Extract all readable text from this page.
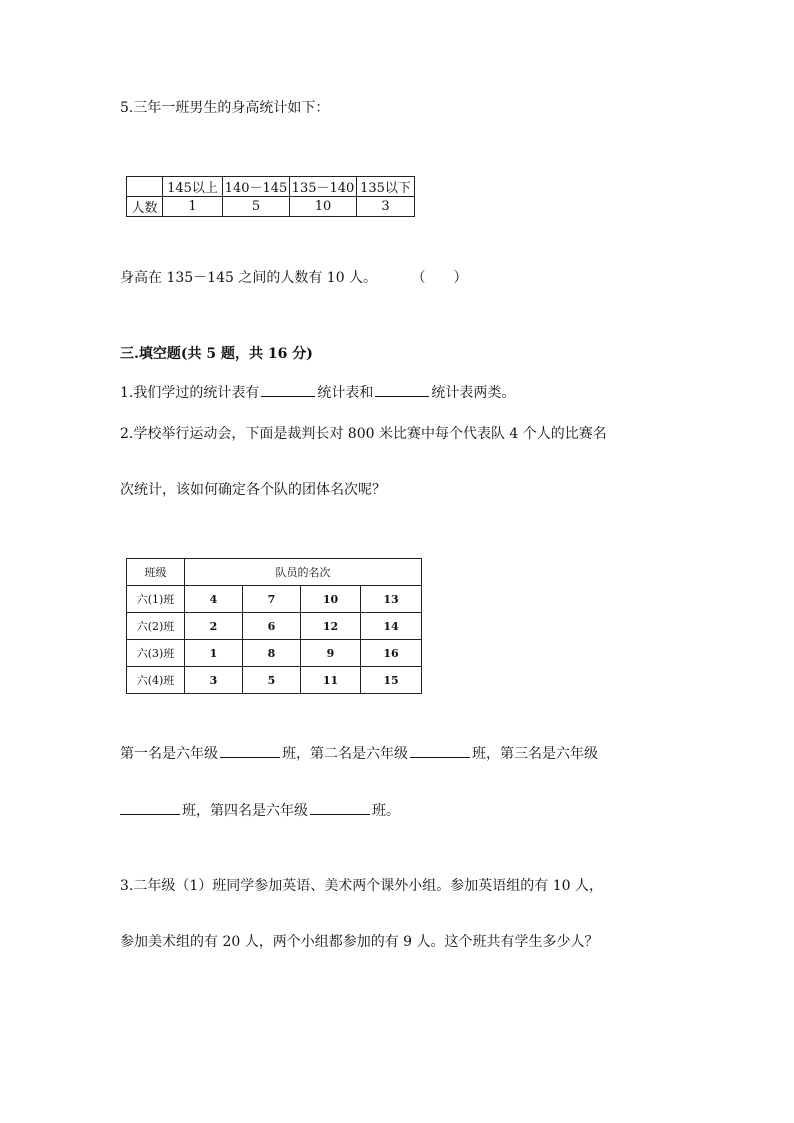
5.三年一班男生的身高统计如下：
	145以上	140－145	135－140	135以下
人数	1	5	10	3
身高在 135－145 之间的人数有 10 人。 （　　）
三.填空题(共 5 题，共 16 分)
1.我们学过的统计表有	统计表和	统计表两类。
2.学校举行运动会，下面是裁判长对 800 米比赛中每个代表队 4 个人的比赛名
次统计，该如何确定各个队的团体名次呢？
班级	队员的名次			
六(1)班	4	7	10	13
六(2)班	2	6	12	14
六(3)班	1	8	9	16
六(4)班	3	5	11	15
第一名是六年级	班，第二名是六年级	班，第三名是六年级
班，第四名是六年级	班。
3.二年级（1）班同学参加英语、美术两个课外小组。参加英语组的有 10 人，
参加美术组的有 20 人，两个小组都参加的有 9 人。这个班共有学生多少人？
